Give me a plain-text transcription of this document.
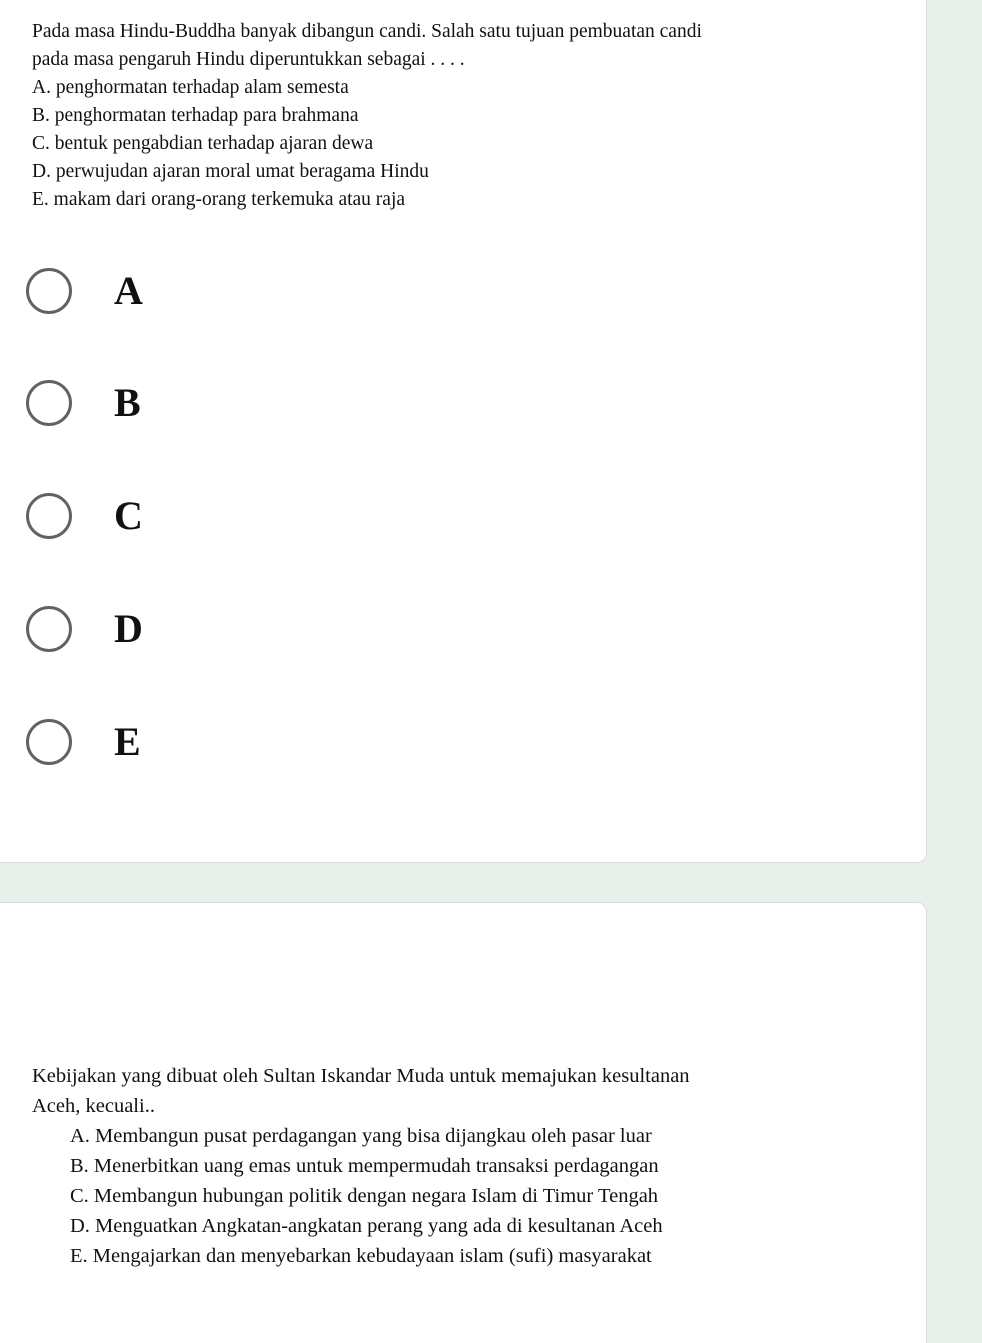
Pada masa Hindu-Buddha banyak dibangun candi. Salah satu tujuan pembuatan candi
pada masa pengaruh Hindu diperuntukkan sebagai . . . .
A. penghormatan terhadap alam semesta
B. penghormatan terhadap para brahmana
C. bentuk pengabdian terhadap ajaran dewa
D. perwujudan ajaran moral umat beragama Hindu
E. makam dari orang-orang terkemuka atau raja
A
B
C
D
E
Kebijakan yang dibuat oleh Sultan Iskandar Muda untuk memajukan kesultanan
Aceh, kecuali..
A. Membangun pusat perdagangan yang bisa dijangkau oleh pasar luar
B. Menerbitkan uang emas untuk mempermudah transaksi perdagangan
C. Membangun hubungan politik dengan negara Islam di Timur Tengah
D. Menguatkan Angkatan-angkatan perang yang ada di kesultanan Aceh
E. Mengajarkan dan menyebarkan kebudayaan islam (sufi) masyarakat
